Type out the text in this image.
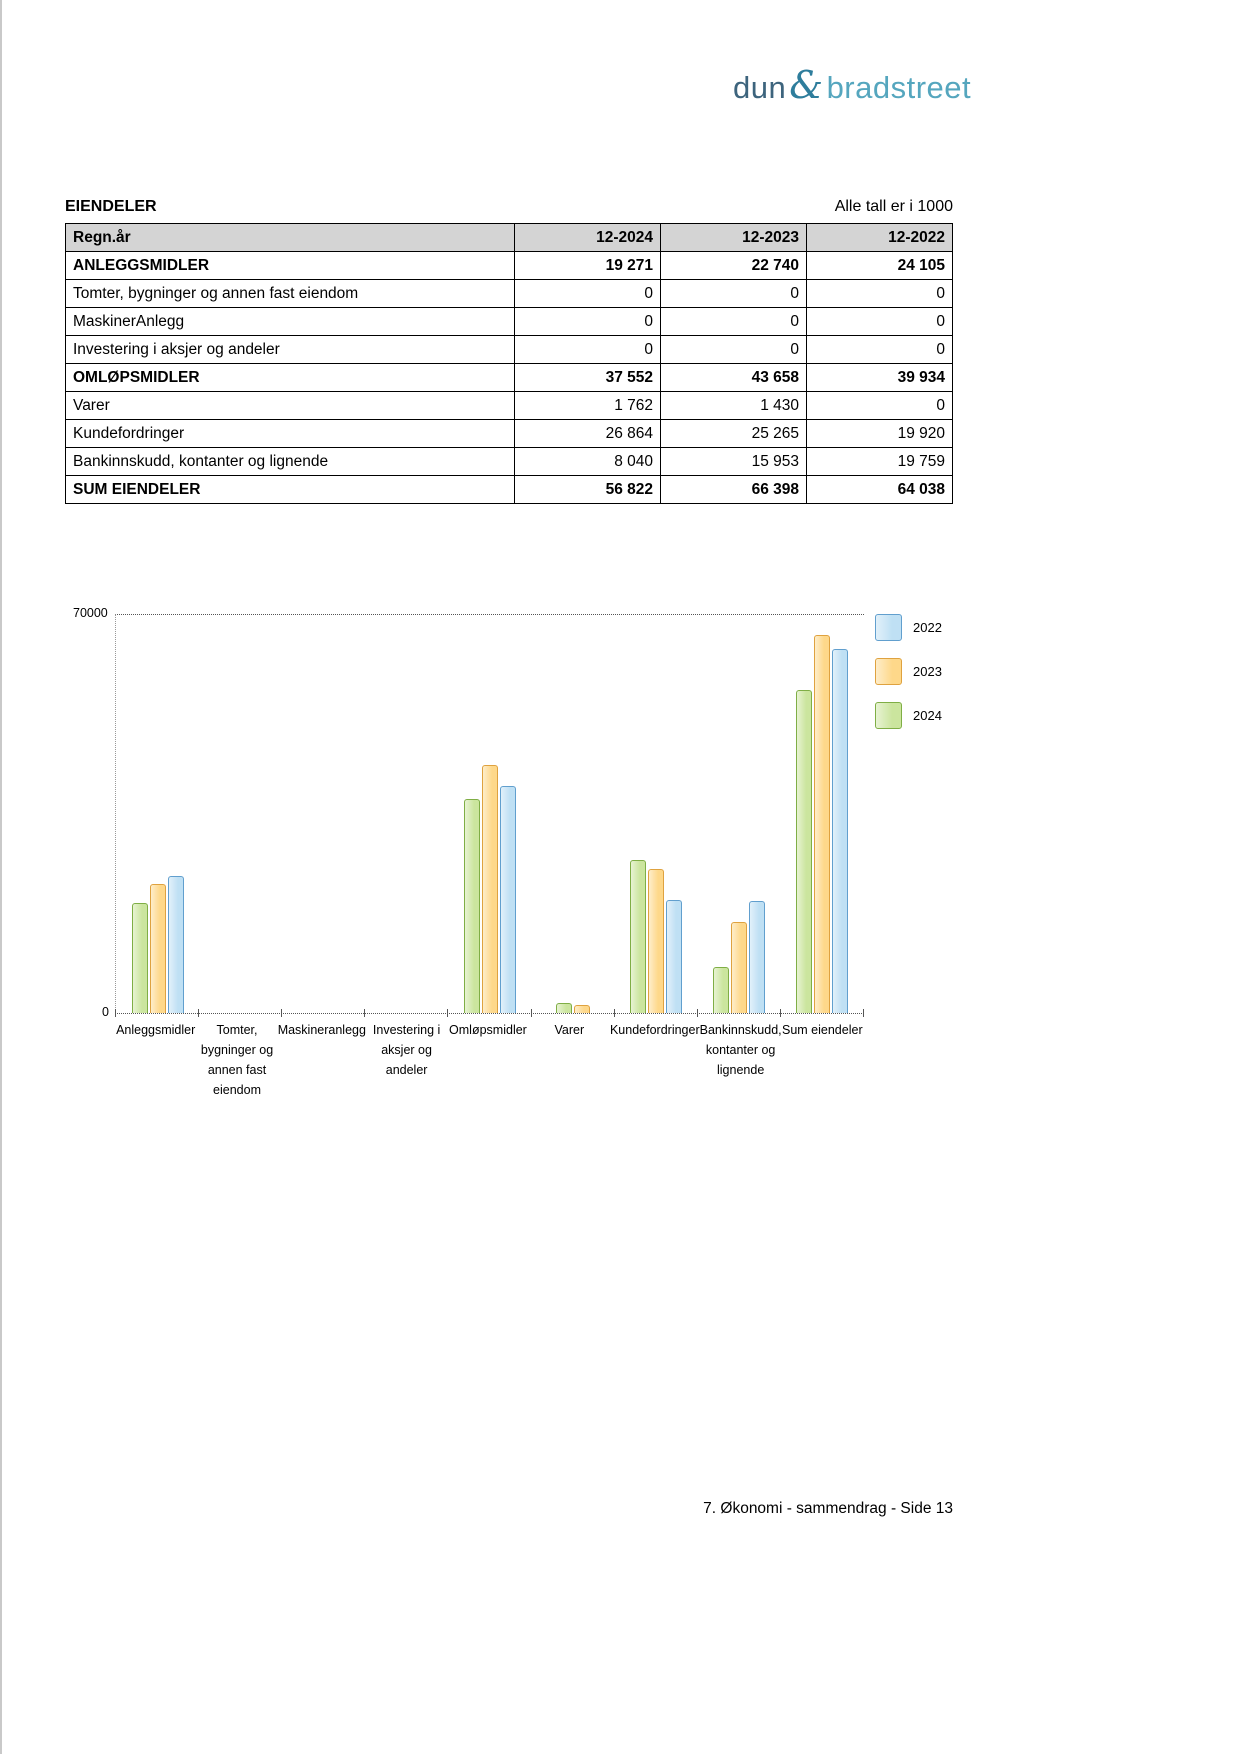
dun & bradstreet
EIENDELER	Alle tall er i 1000
Regn.år	12-2024	12-2023	12-2022
ANLEGGSMIDLER	19 271	22 740	24 105
Tomter, bygninger og annen fast eiendom	0	0	0
MaskinerAnlegg	0	0	0
Investering i aksjer og andeler	0	0	0
OMLØPSMIDLER	37 552	43 658	39 934
Varer	1 762	1 430	0
Kundefordringer	26 864	25 265	19 920
Bankinnskudd, kontanter og lignende	8 040	15 953	19 759
SUM EIENDELER	56 822	66 398	64 038
70000
0
Anleggsmidler	Tomter,
bygninger og
annen fast
eiendom
Maskineranlegg Investering i
aksjer og
andeler
Omløpsmidler	Varer	Kundefordringer Bankinnskudd,
kontanter og
lignende
Sum eiendeler
2022
2023
2024
7. Økonomi - sammendrag - Side 13
